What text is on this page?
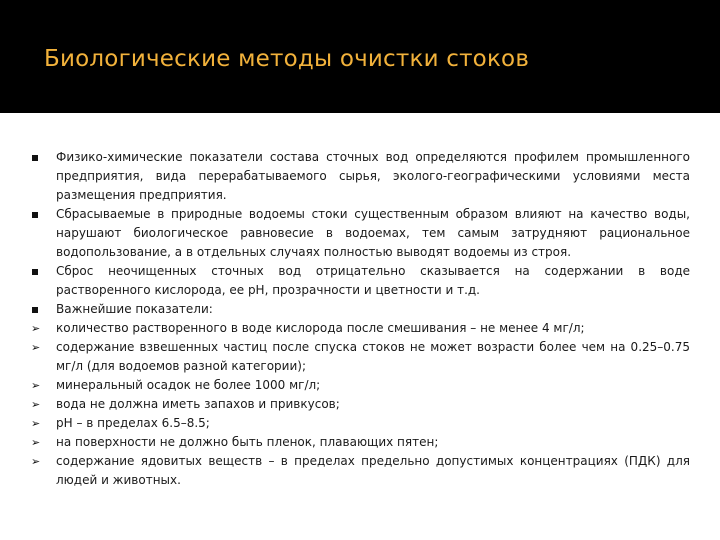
Биологические методы очистки стоков
Физико-химические показатели состава сточных вод определяются профилем промышленного предприятия, вида перерабатываемого сырья, эколого-географическими условиями места размещения предприятия.
Сбрасываемые в природные водоемы стоки существенным образом влияют на качество воды, нарушают биологическое равновесие в водоемах, тем самым затрудняют рациональное водопользование, а в отдельных случаях полностью выводят водоемы из строя.
Сброс неочищенных сточных вод отрицательно сказывается на содержании в воде растворенного кислорода, ее pH, прозрачности и цветности и т.д.
Важнейшие показатели:
➢ количество растворенного в воде кислорода после смешивания – не менее 4 мг/л;
➢ содержание взвешенных частиц после спуска стоков не может возрасти более чем на 0.25–0.75 мг/л (для водоемов разной категории);
➢ минеральный осадок не более 1000 мг/л;
➢ вода не должна иметь запахов и привкусов;
➢ pH – в пределах 6.5–8.5;
➢ на поверхности не должно быть пленок, плавающих пятен;
➢ содержание ядовитых веществ – в пределах предельно допустимых концентрациях (ПДК) для людей и животных.
